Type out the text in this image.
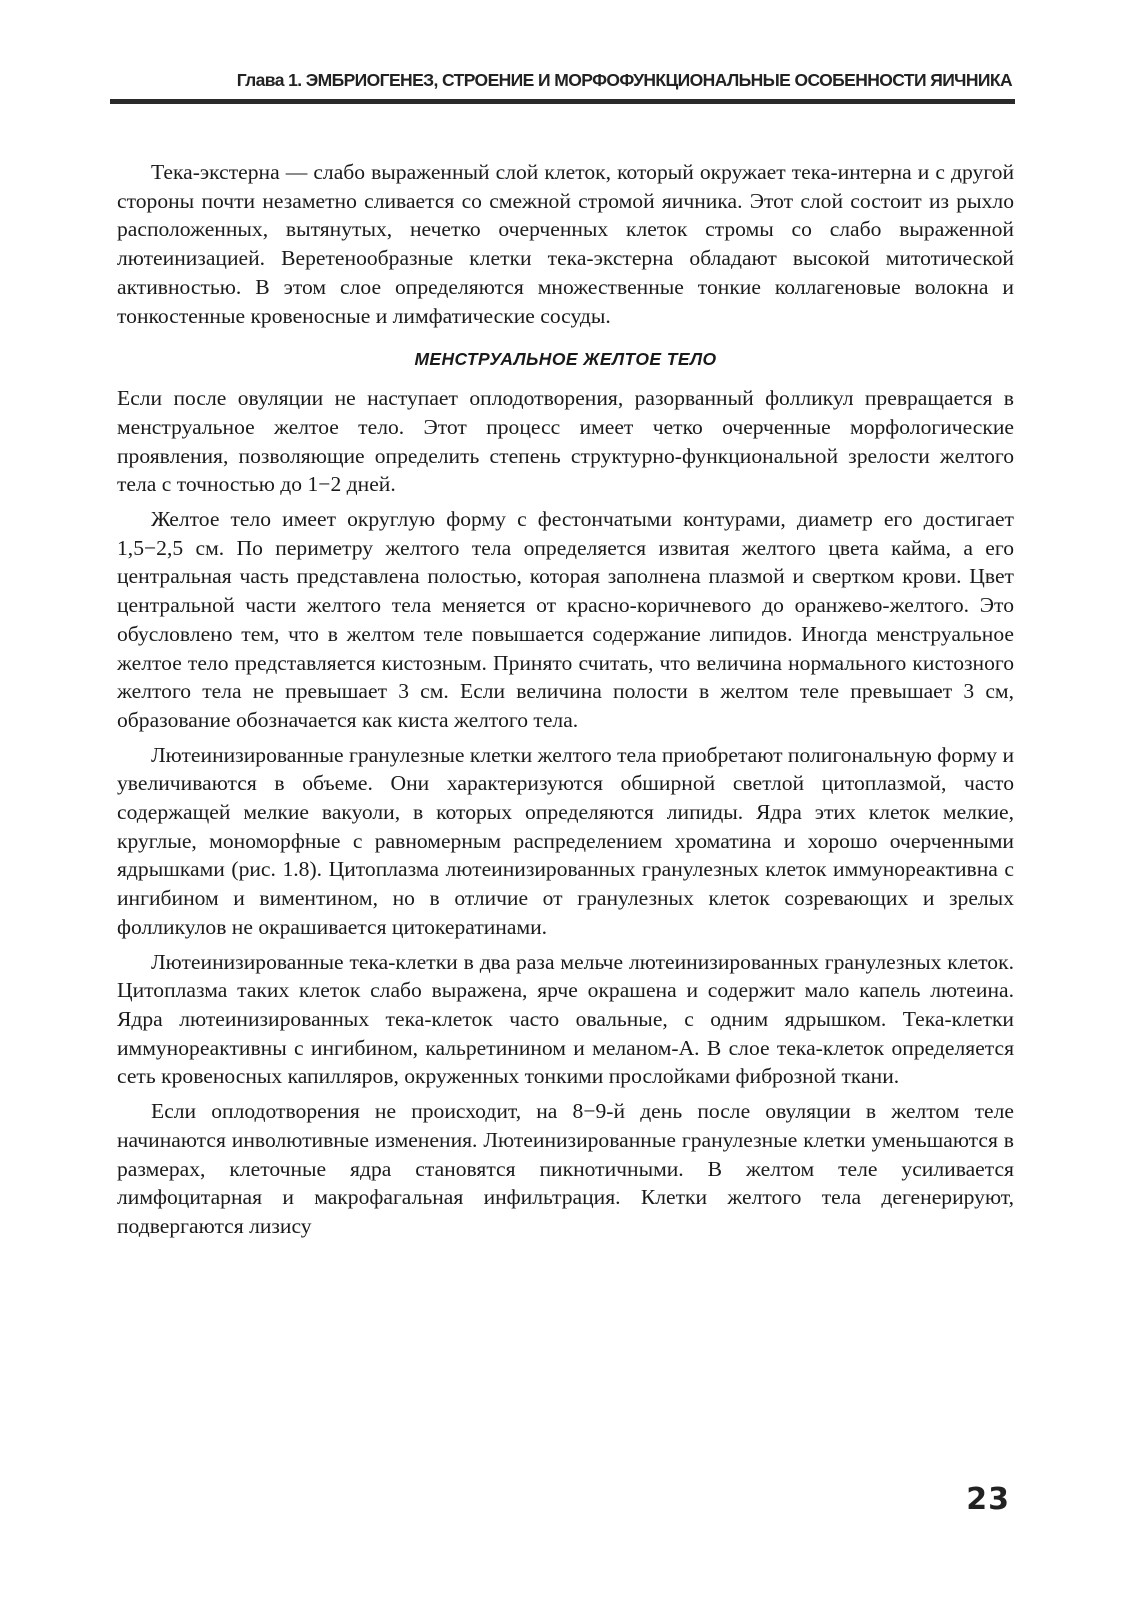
Глава 1. ЭМБРИОГЕНЕЗ, СТРОЕНИЕ И МОРФОФУНКЦИОНАЛЬНЫЕ ОСОБЕННОСТИ ЯИЧНИКА

Тека-экстерна — слабо выраженный слой клеток, который окружает тека-интерна и с другой стороны почти незаметно сливается со смежной стромой яичника. Этот слой состоит из рыхло расположенных, вытянутых, нечетко очерченных клеток стромы со слабо выраженной лютеинизацией. Веретенообразные клетки тека-экстерна обладают высокой митотической активностью. В этом слое определяются множественные тонкие коллагеновые волокна и тонкостенные кровеносные и лимфатические сосуды.

МЕНСТРУАЛЬНОЕ ЖЕЛТОЕ ТЕЛО

Если после овуляции не наступает оплодотворения, разорванный фолликул превращается в менструальное желтое тело. Этот процесс имеет четко очерченные морфологические проявления, позволяющие определить степень структурно-функциональной зрелости желтого тела с точностью до 1−2 дней.

Желтое тело имеет округлую форму с фестончатыми контурами, диаметр его достигает 1,5−2,5 см. По периметру желтого тела определяется извитая желтого цвета кайма, а его центральная часть представлена полостью, которая заполнена плазмой и свертком крови. Цвет центральной части желтого тела меняется от красно-коричневого до оранжево-желтого. Это обусловлено тем, что в желтом теле повышается содержание липидов. Иногда менструальное желтое тело представляется кистозным. Принято считать, что величина нормального кистозного желтого тела не превышает 3 см. Если величина полости в желтом теле превышает 3 см, образование обозначается как киста желтого тела.

Лютеинизированные гранулезные клетки желтого тела приобретают полигональную форму и увеличиваются в объеме. Они характеризуются обширной светлой цитоплазмой, часто содержащей мелкие вакуоли, в которых определяются липиды. Ядра этих клеток мелкие, круглые, мономорфные с равномерным распределением хроматина и хорошо очерченными ядрышками (рис. 1.8). Цитоплазма лютеинизированных гранулезных клеток иммунореактивна с ингибином и виментином, но в отличие от гранулезных клеток созревающих и зрелых фолликулов не окрашивается цитокератинами.

Лютеинизированные тека-клетки в два раза мельче лютеинизированных гранулезных клеток. Цитоплазма таких клеток слабо выражена, ярче окрашена и содержит мало капель лютеина. Ядра лютеинизированных тека-клеток часто овальные, с одним ядрышком. Тека-клетки иммунореактивны с ингибином, кальретинином и меланом-А. В слое тека-клеток определяется сеть кровеносных капилляров, окруженных тонкими прослойками фиброзной ткани.

Если оплодотворения не происходит, на 8−9-й день после овуляции в желтом теле начинаются инволютивные изменения. Лютеинизированные гранулезные клетки уменьшаются в размерах, клеточные ядра становятся пикнотичными. В желтом теле усиливается лимфоцитарная и макрофагальная инфильтрация. Клетки желтого тела дегенерируют, подвергаются лизису

23
